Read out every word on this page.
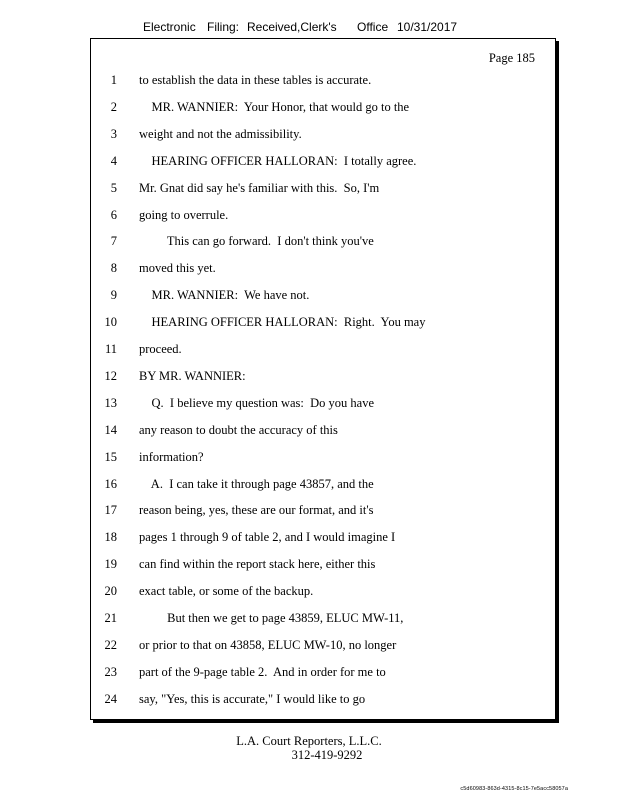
Electronic Filing: Received,Clerk's Office 10/31/2017
Page 185
1 to establish the data in these tables is accurate.
2 MR. WANNIER:  Your Honor, that would go to the
3 weight and not the admissibility.
4 HEARING OFFICER HALLORAN:  I totally agree.
5 Mr. Gnat did say he's familiar with this.  So, I'm
6 going to overrule.
7 This can go forward.  I don't think you've
8 moved this yet.
9 MR. WANNIER:  We have not.
10 HEARING OFFICER HALLORAN:  Right.  You may
11 proceed.
12 BY MR. WANNIER:
13 Q.  I believe my question was:  Do you have
14 any reason to doubt the accuracy of this
15 information?
16 A.  I can take it through page 43857, and the
17 reason being, yes, these are our format, and it's
18 pages 1 through 9 of table 2, and I would imagine I
19 can find within the report stack here, either this
20 exact table, or some of the backup.
21 But then we get to page 43859, ELUC MW-11,
22 or prior to that on 43858, ELUC MW-10, no longer
23 part of the 9-page table 2.  And in order for me to
24 say, "Yes, this is accurate," I would like to go
L.A. Court Reporters, L.L.C.
312-419-9292
c5d60983-863d-4315-8c15-7e5acc58057a
